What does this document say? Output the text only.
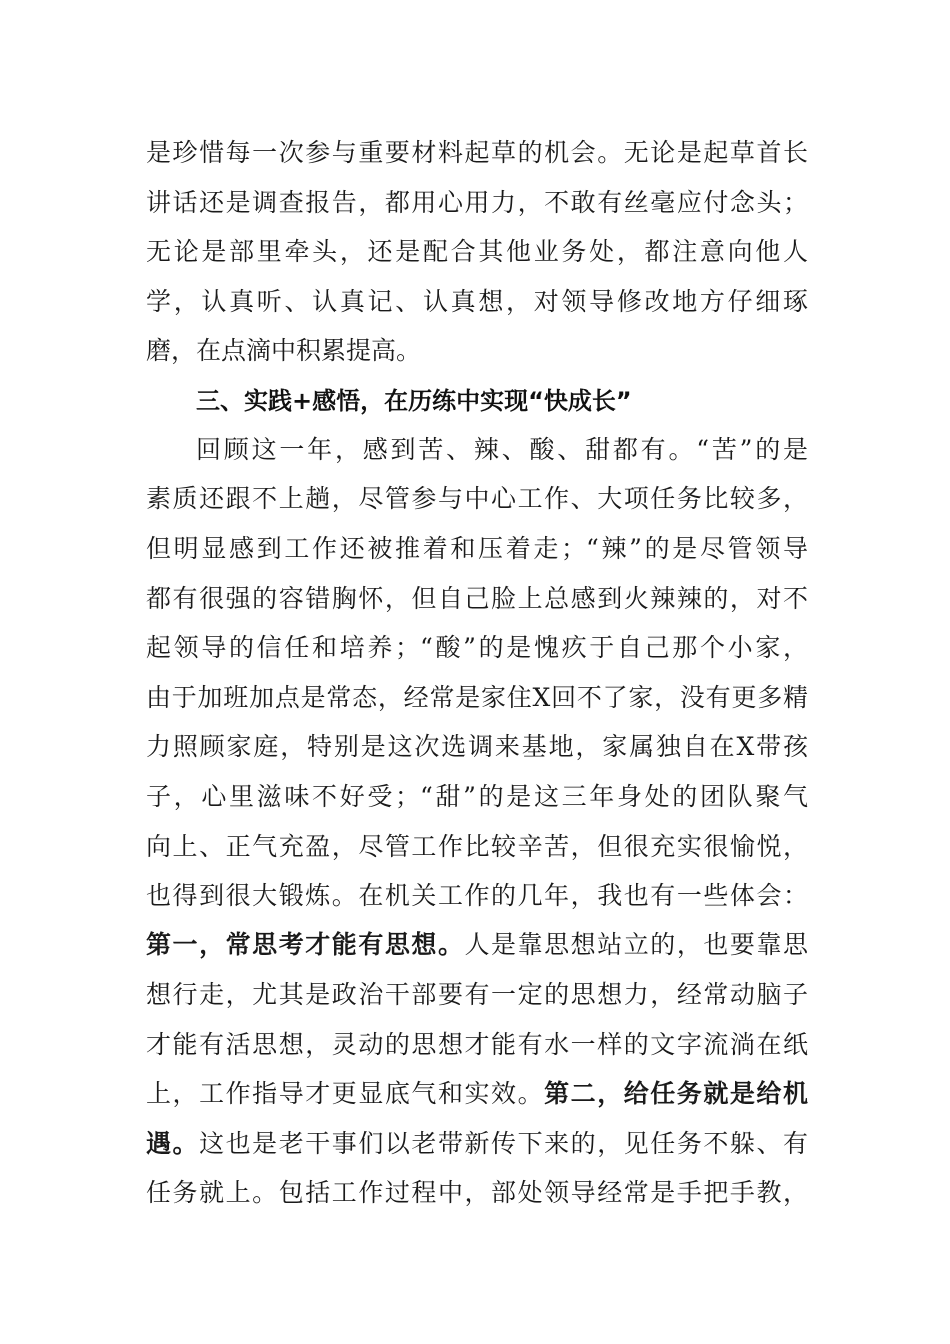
是珍惜每一次参与重要材料起草的机会。无论是起草首长
讲话还是调查报告，都用心用力，不敢有丝毫应付念头；
无论是部里牵头，还是配合其他业务处，都注意向他人
学，认真听、认真记、认真想，对领导修改地方仔细琢
磨，在点滴中积累提高。
三、实践+感悟，在历练中实现“快成长”
回顾这一年，感到苦、辣、酸、甜都有。“苦”的是
素质还跟不上趟，尽管参与中心工作、大项任务比较多，
但明显感到工作还被推着和压着走；“辣”的是尽管领导
都有很强的容错胸怀，但自己脸上总感到火辣辣的，对不
起领导的信任和培养；“酸”的是愧疚于自己那个小家，
由于加班加点是常态，经常是家住X回不了家，没有更多精
力照顾家庭，特别是这次选调来基地，家属独自在X带孩
子，心里滋味不好受；“甜”的是这三年身处的团队聚气
向上、正气充盈，尽管工作比较辛苦，但很充实很愉悦，
也得到很大锻炼。在机关工作的几年，我也有一些体会：
第一，常思考才能有思想。人是靠思想站立的，也要靠思
想行走，尤其是政治干部要有一定的思想力，经常动脑子
才能有活思想，灵动的思想才能有水一样的文字流淌在纸
上，工作指导才更显底气和实效。第二，给任务就是给机
遇。这也是老干事们以老带新传下来的，见任务不躲、有
任务就上。包括工作过程中，部处领导经常是手把手教，
